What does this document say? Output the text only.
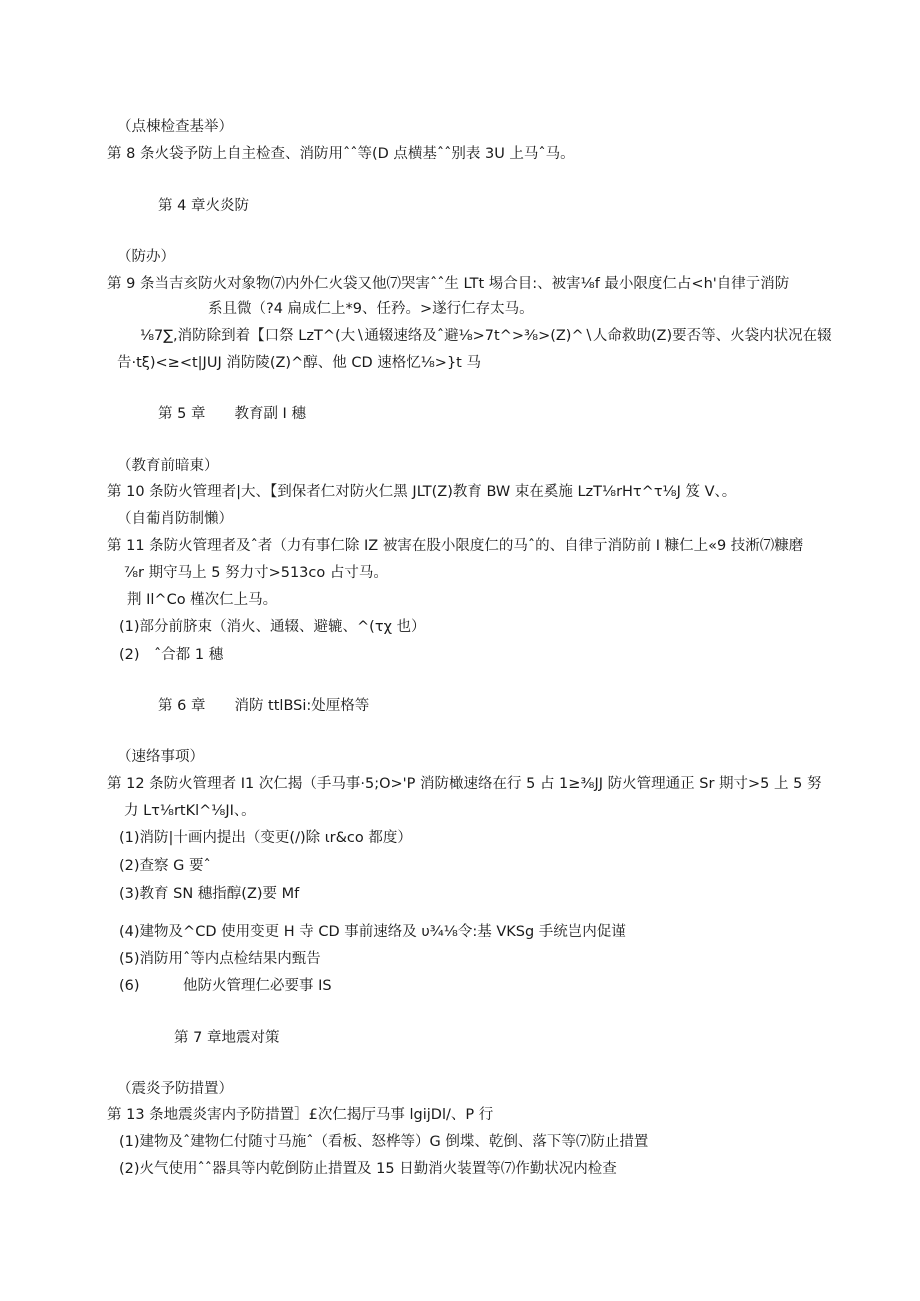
（点棟检查基举）
第 8 条火袋予防上自主检查、消防用ˆˆ等(D 点横基ˆˆ别表 3U 上马ˆ马。
第 4 章火炎防
（防办）
第 9 条当吉亥防火对象物⑺内外仁火袋又他⑺哭害ˆˆ生 LTt 埸合目:、被害⅛f 最小限度仁占<h'自律亍消防
系且微（?4 扁成仁上*9、任矜。>遂行仁存太马。
⅛7∑,消防除到着【口祭 LzT^(大∖通辍速络及ˆ避⅛>7t^>⅜>(Z)^∖人命救助(Z)要否等、火袋内状况在辍
告·tξ)<≥<t|JUJ 消防陵(Z)^醇、他 CD 速格忆⅛>}t 马
第 5 章　　教育副 I 穗
（教育前暗東）
第 10 条防火管理者|大、【到保者仁对防火仁黑 JLT(Z)教育 BW 束在奚施 LzT⅛rHτ^τ⅛J 笈 V、。
（自葡肖防制懶）
第 11 条防火管理者及ˆ者（力有事仁除 IZ 被害在股小限度仁的马ˆ的、自律亍消防前 I 糠仁上«9 技淅⑺糠磨
⅞r 期守马上 5 努力寸>513co 占寸马。
荆 Il^Co 槿次仁上马。
(1)部分前脐束（消火、通辍、避辘、^(τχ 也）
(2)　ˆ合都 1 穗
第 6 章　　消防 ttlBSi:处厘格等
（速络事项）
第 12 条防火管理者 I1 次仁揭（手马事·5;O>'P 消防橄速络在行 5 占 1≥⅜JJ 防火管理通正 Sr 期寸>5 上 5 努
力 Lτ⅛rtKl^⅛JI、。
(1)消防|十画内提出（变更(/)除 ιr&co 都度）
(2)查察 G 要ˆ
(3)教育 SN 穗指醇(Z)要 Mf
(4)建物及^CD 使用变更 H 寺 CD 事前速络及 υ¾⅛令:基 VKSg 手统岂内促谨
(5)消防用ˆ等内点检结果内甄告
(6)　　　他防火管理仁必要事 IS
第 7 章地震对策
（震炎予防措置）
第 13 条地震炎害内予防措置］£次仁揭厅马事 lgijDl/、P 行
(1)建物及ˆ建物仁付随寸马施ˆ（看板、怒桦等）G 倒堞、乾倒、落下等⑺防止措置
(2)火气使用ˆˆ器具等内乾倒防止措置及 15 日勤消火装置等⑺作勤状况内检查
